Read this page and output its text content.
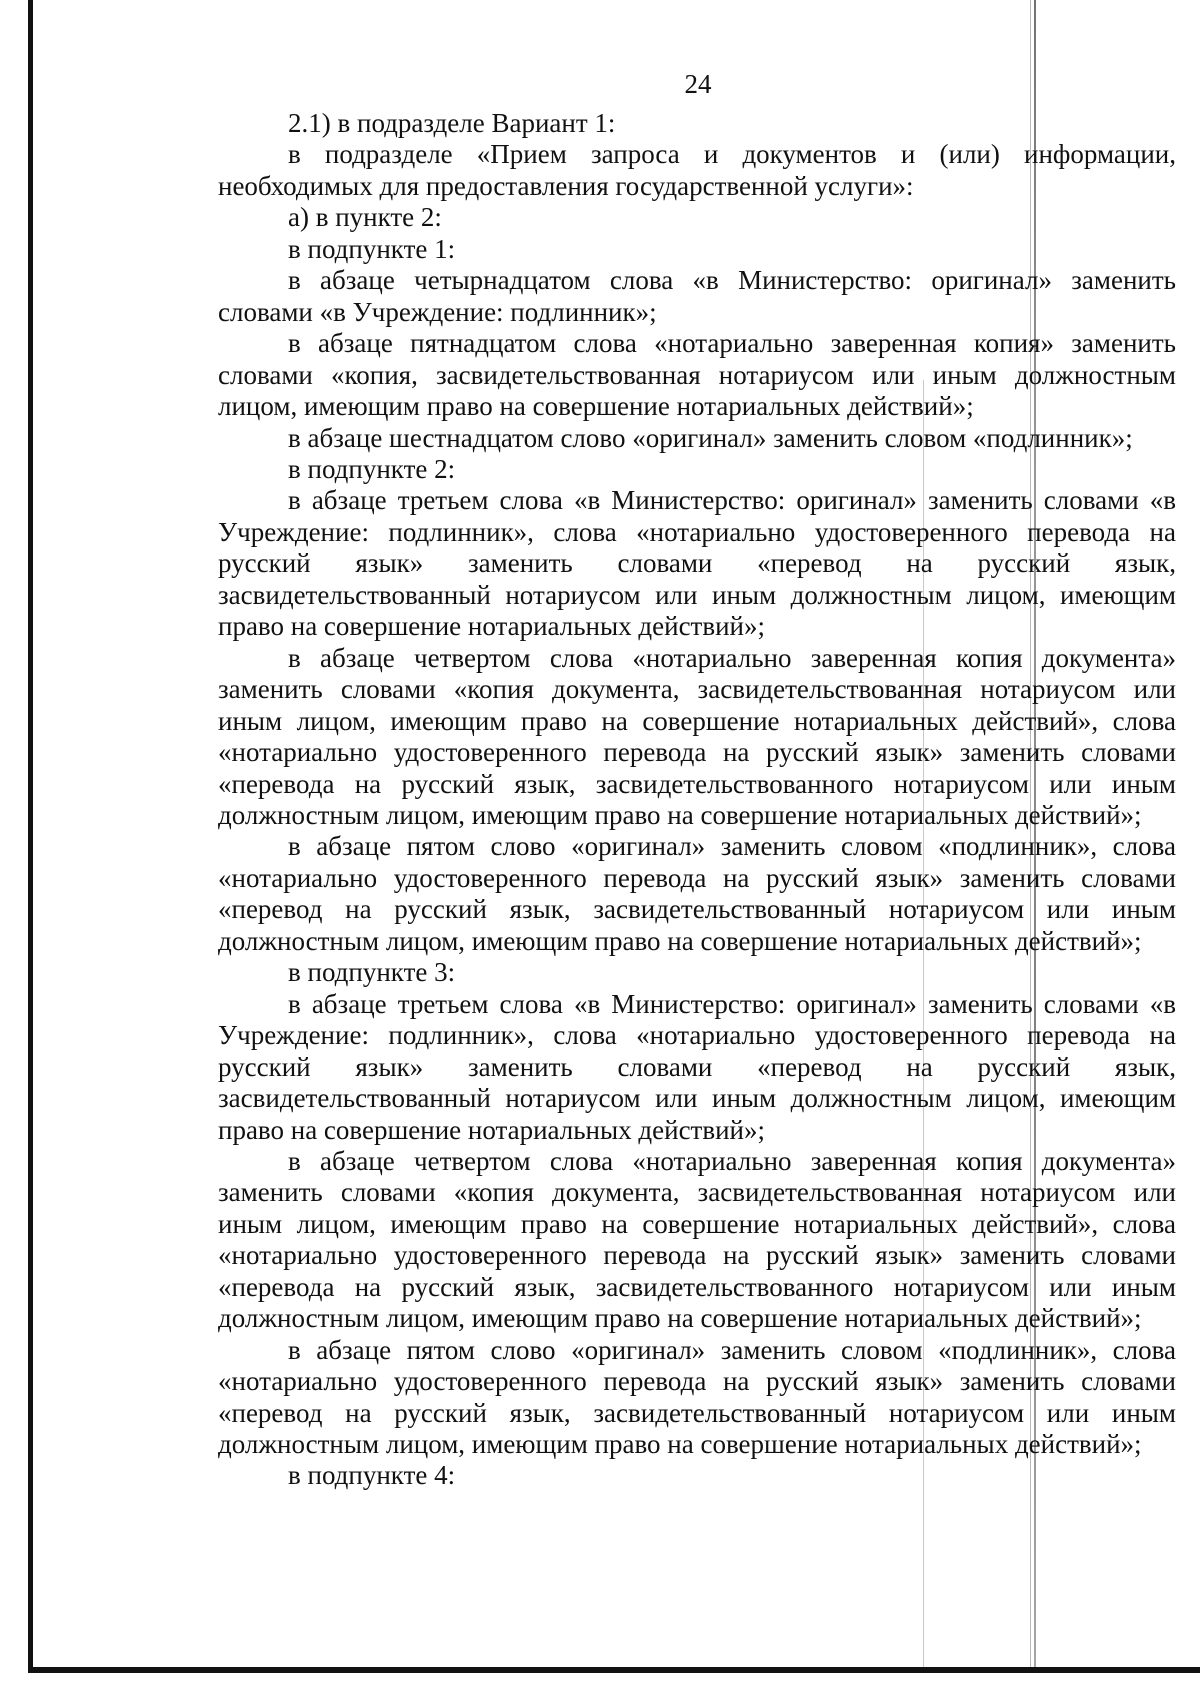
24

2.1) в подразделе Вариант 1:

в подразделе «Прием запроса и документов и (или) информации, необходимых для предоставления государственной услуги»:

а) в пункте 2:

в подпункте 1:

в абзаце четырнадцатом слова «в Министерство: оригинал» заменить словами «в Учреждение: подлинник»;

в абзаце пятнадцатом слова «нотариально заверенная копия» заменить словами «копия, засвидетельствованная нотариусом или иным должностным лицом, имеющим право на совершение нотариальных действий»;

в абзаце шестнадцатом слово «оригинал» заменить словом «подлинник»;

в подпункте 2:

в абзаце третьем слова «в Министерство: оригинал» заменить словами «в Учреждение: подлинник», слова «нотариально удостоверенного перевода на русский язык» заменить словами «перевод на русский язык, засвидетельствованный нотариусом или иным должностным лицом, имеющим право на совершение нотариальных действий»;

в абзаце четвертом слова «нотариально заверенная копия документа» заменить словами «копия документа, засвидетельствованная нотариусом или иным лицом, имеющим право на совершение нотариальных действий», слова «нотариально удостоверенного перевода на русский язык» заменить словами «перевода на русский язык, засвидетельствованного нотариусом или иным должностным лицом, имеющим право на совершение нотариальных действий»;

в абзаце пятом слово «оригинал» заменить словом «подлинник», слова «нотариально удостоверенного перевода на русский язык» заменить словами «перевод на русский язык, засвидетельствованный нотариусом или иным должностным лицом, имеющим право на совершение нотариальных действий»;

в подпункте 3:

в абзаце третьем слова «в Министерство: оригинал» заменить словами «в Учреждение: подлинник», слова «нотариально удостоверенного перевода на русский язык» заменить словами «перевод на русский язык, засвидетельствованный нотариусом или иным должностным лицом, имеющим право на совершение нотариальных действий»;

в абзаце четвертом слова «нотариально заверенная копия документа» заменить словами «копия документа, засвидетельствованная нотариусом или иным лицом, имеющим право на совершение нотариальных действий», слова «нотариально удостоверенного перевода на русский язык» заменить словами «перевода на русский язык, засвидетельствованного нотариусом или иным должностным лицом, имеющим право на совершение нотариальных действий»;

в абзаце пятом слово «оригинал» заменить словом «подлинник», слова «нотариально удостоверенного перевода на русский язык» заменить словами «перевод на русский язык, засвидетельствованный нотариусом или иным должностным лицом, имеющим право на совершение нотариальных действий»;

в подпункте 4:
